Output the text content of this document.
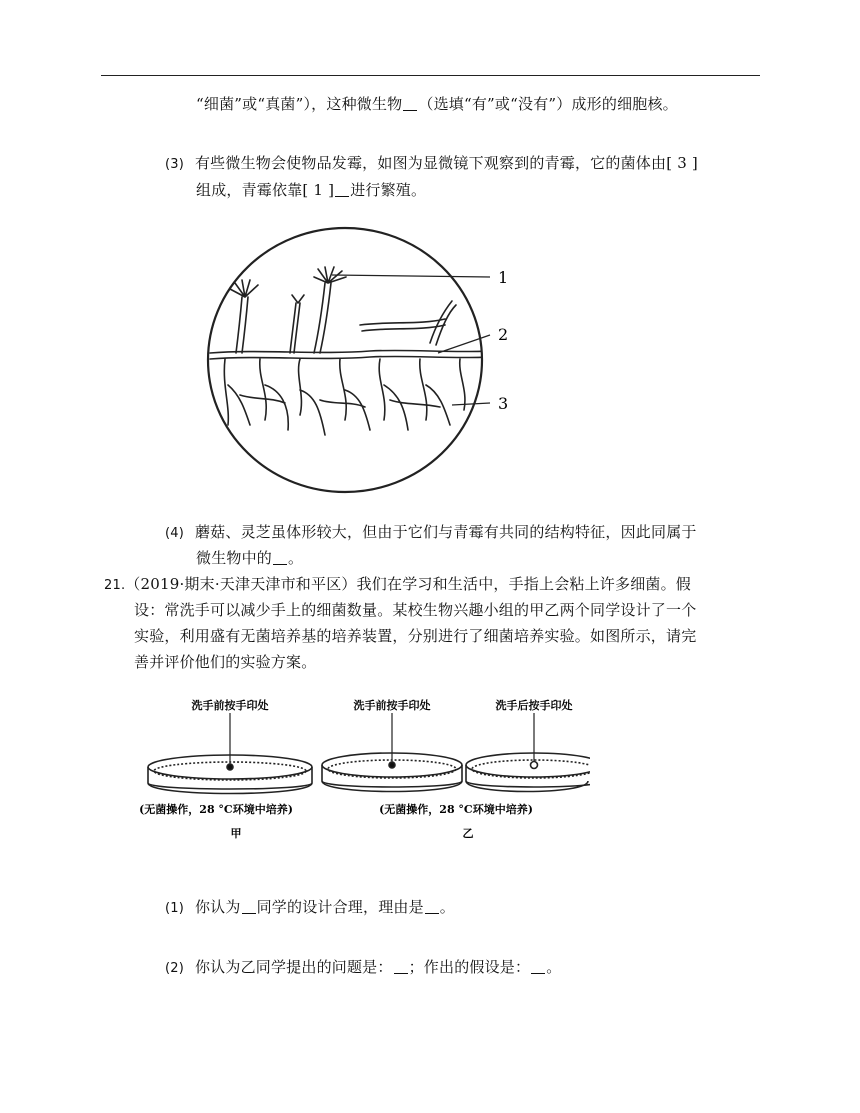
“细菌”或“真菌”），这种微生物 （选填“有”或“没有”）成形的细胞核。
(3) 有些微生物会使物品发霉，如图为显微镜下观察到的青霉，它的菌体由[ 3 ]
组成，青霉依靠[ 1 ] 进行繁殖。
1
2
3
(4) 蘑菇、灵芝虽体形较大，但由于它们与青霉有共同的结构特征，因此同属于
微生物中的 。
21.（2019·期末·天津天津市和平区）我们在学习和生活中，手指上会粘上许多细菌。假
设：常洗手可以减少手上的细菌数量。某校生物兴趣小组的甲乙两个同学设计了一个
实验，利用盛有无菌培养基的培养装置，分别进行了细菌培养实验。如图所示，请完
善并评价他们的实验方案。
洗手前按手印处	洗手前按手印处	洗手后按手印处
(无菌操作，28 °C环境中培养)	(无菌操作，28 °C环境中培养)
甲	乙
(1) 你认为 同学的设计合理，理由是 。
(2) 你认为乙同学提出的问题是： ；作出的假设是： 。
